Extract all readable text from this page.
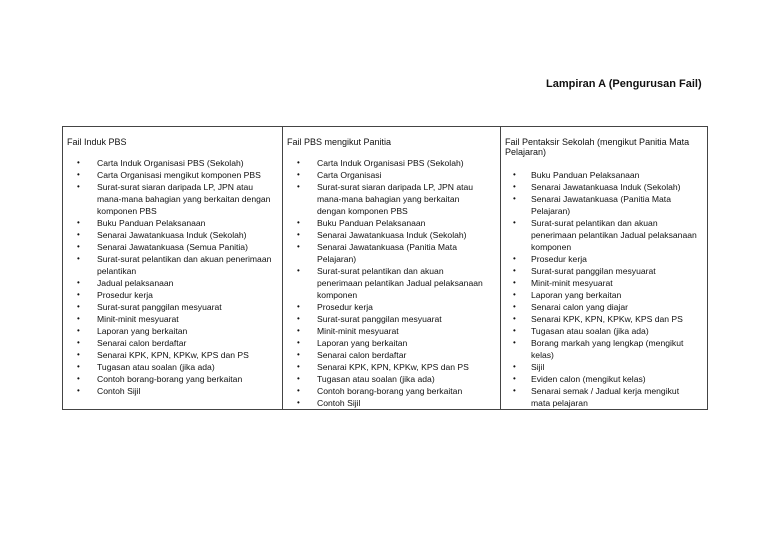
Lampiran A (Pengurusan Fail)
Fail Induk PBS
• Carta Induk Organisasi PBS (Sekolah)
• Carta Organisasi mengikut komponen PBS
• Surat-surat siaran daripada LP, JPN atau mana-mana bahagian yang berkaitan dengan komponen PBS
• Buku Panduan Pelaksanaan
• Senarai Jawatankuasa Induk (Sekolah)
• Senarai Jawatankuasa (Semua Panitia)
• Surat-surat pelantikan dan akuan penerimaan pelantikan
• Jadual pelaksanaan
• Prosedur kerja
• Surat-surat panggilan mesyuarat
• Minit-minit mesyuarat
• Laporan yang berkaitan
• Senarai calon berdaftar
• Senarai KPK, KPN, KPKw, KPS dan PS
• Tugasan atau soalan (jika ada)
• Contoh borang-borang yang berkaitan
• Contoh Sijil
Fail PBS mengikut Panitia
• Carta Induk Organisasi PBS (Sekolah)
• Carta Organisasi
• Surat-surat siaran daripada LP, JPN atau mana-mana bahagian yang berkaitan dengan komponen PBS
• Buku Panduan Pelaksanaan
• Senarai Jawatankuasa Induk (Sekolah)
• Senarai Jawatankuasa (Panitia Mata Pelajaran)
• Surat-surat pelantikan dan akuan penerimaan pelantikan Jadual pelaksanaan komponen
• Prosedur kerja
• Surat-surat panggilan mesyuarat
• Minit-minit mesyuarat
• Laporan yang berkaitan
• Senarai calon berdaftar
• Senarai KPK, KPN, KPKw, KPS dan PS
• Tugasan atau soalan (jika ada)
• Contoh borang-borang yang berkaitan
• Contoh Sijil
Fail Pentaksir Sekolah (mengikut Panitia Mata Pelajaran)
• Buku Panduan Pelaksanaan
• Senarai Jawatankuasa Induk (Sekolah)
• Senarai Jawatankuasa (Panitia Mata Pelajaran)
• Surat-surat pelantikan dan akuan penerimaan pelantikan Jadual pelaksanaan komponen
• Prosedur kerja
• Surat-surat panggilan mesyuarat
• Minit-minit mesyuarat
• Laporan yang berkaitan
• Senarai calon yang diajar
• Senarai KPK, KPN, KPKw, KPS dan PS
• Tugasan atau soalan (jika ada)
• Borang markah yang lengkap (mengikut kelas)
• Sijil
• Eviden calon (mengikut kelas)
• Senarai semak / Jadual kerja mengikut mata pelajaran
